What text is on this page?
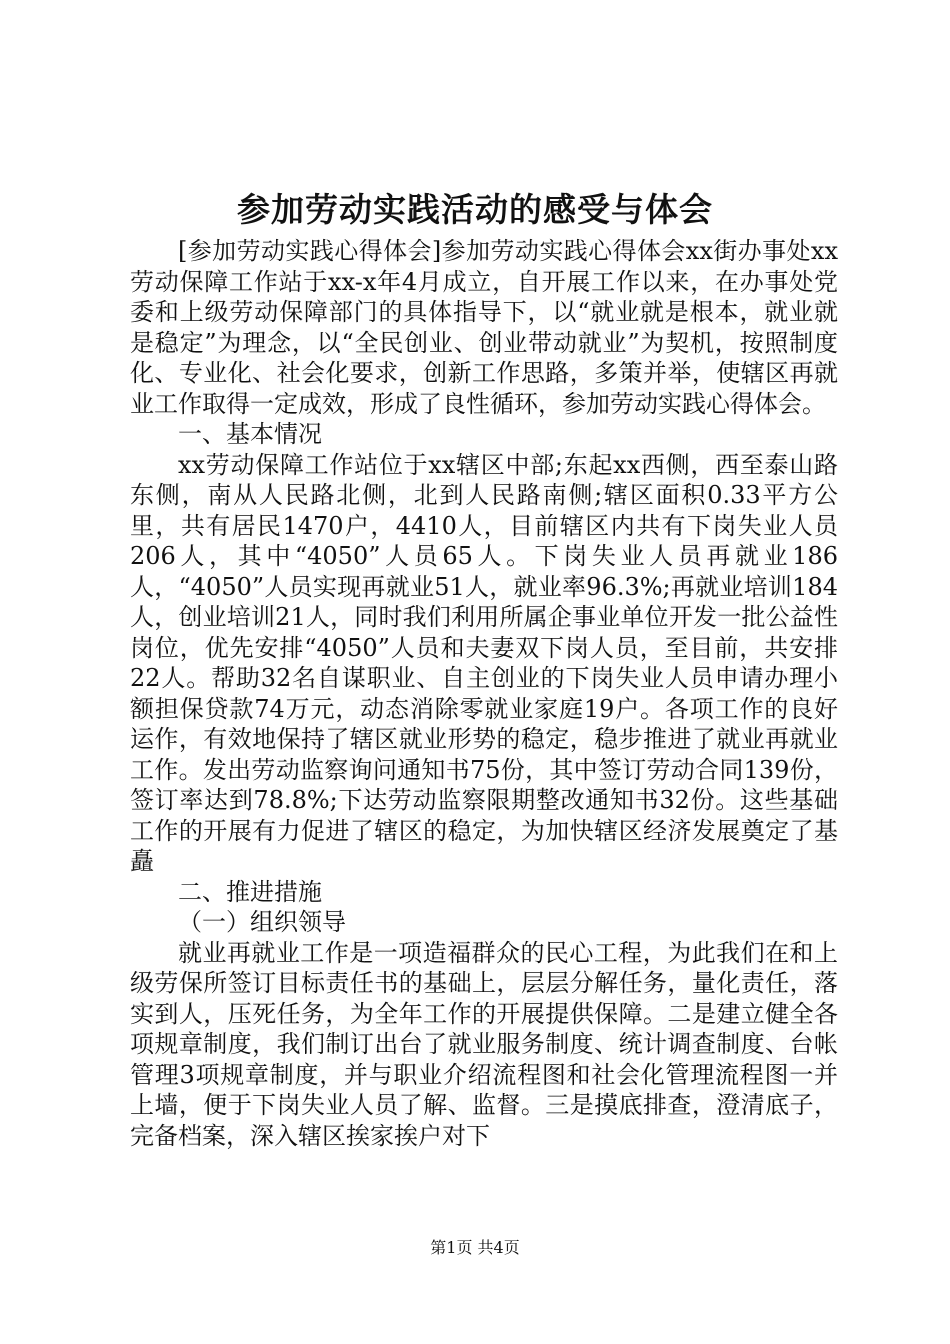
参加劳动实践活动的感受与体会

[参加劳动实践心得体会]参加劳动实践心得体会xx街办事处xx劳动保障工作站于xx-x年4月成立，自开展工作以来，在办事处党委和上级劳动保障部门的具体指导下，以“就业就是根本，就业就是稳定”为理念，以“全民创业、创业带动就业”为契机，按照制度化、专业化、社会化要求，创新工作思路，多策并举，使辖区再就业工作取得一定成效，形成了良性循环，参加劳动实践心得体会。

一、基本情况

xx劳动保障工作站位于xx辖区中部;东起xx西侧，西至泰山路东侧，南从人民路北侧，北到人民路南侧;辖区面积0.33平方公里，共有居民1470户，4410人，目前辖区内共有下岗失业人员206人，其中“4050”人员65人。下岗失业人员再就业186人，“4050”人员实现再就业51人，就业率96.3%;再就业培训184人，创业培训21人，同时我们利用所属企事业单位开发一批公益性岗位，优先安排“4050”人员和夫妻双下岗人员，至目前，共安排22人。帮助32名自谋职业、自主创业的下岗失业人员申请办理小额担保贷款74万元，动态消除零就业家庭19户。各项工作的良好运作，有效地保持了辖区就业形势的稳定，稳步推进了就业再就业工作。发出劳动监察询问通知书75份，其中签订劳动合同139份，签订率达到78.8%;下达劳动监察限期整改通知书32份。这些基础工作的开展有力促进了辖区的稳定，为加快辖区经济发展奠定了基矗

二、推进措施

（一）组织领导

就业再就业工作是一项造福群众的民心工程，为此我们在和上级劳保所签订目标责任书的基础上，层层分解任务，量化责任，落实到人，压死任务，为全年工作的开展提供保障。二是建立健全各项规章制度，我们制订出台了就业服务制度、统计调查制度、台帐管理3项规章制度，并与职业介绍流程图和社会化管理流程图一并上墙，便于下岗失业人员了解、监督。三是摸底排查，澄清底子，完备档案，深入辖区挨家挨户对下

第1页 共4页
